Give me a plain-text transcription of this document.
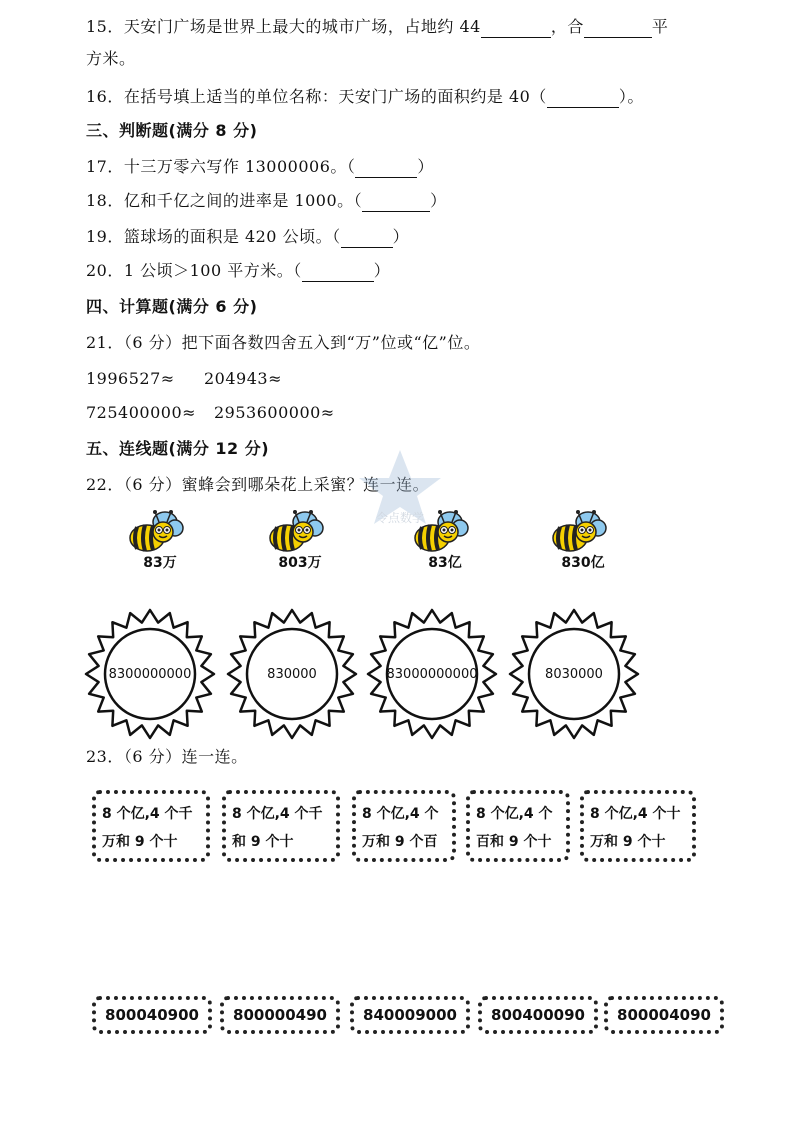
15．天安门广场是世界上最大的城市广场，占地约 44	，合	平
方米。
16．在括号填上适当的单位名称：天安门广场的面积约是 40（	）。
三、判断题(满分 8 分)
17．十三万零六写作 13000006。（	）
18．亿和千亿之间的进率是 1000。（	）
19．篮球场的面积是 420 公顷。（	）
20．1 公顷＞100 平方米。（	）
四、计算题(满分 6 分)
21．（6 分）把下面各数四舍五入到“万”位或“亿”位。
1996527≈ 204943≈
725400000≈ 2953600000≈
五、连线题(满分 12 分)
22．（6 分）蜜蜂会到哪朵花上采蜜？连一连。
令点数学
83万	803万	83亿	830亿
8300000000	830000	83000000000	8030000
23．（6 分）连一连。
8 个亿,4 个千
万和 9 个十
8 个亿,4 个千
和 9 个十
8 个亿,4 个
万和 9 个百
8 个亿,4 个
百和 9 个十
8 个亿,4 个十
万和 9 个十
800040900 800000490 840009000 800400090 800004090
